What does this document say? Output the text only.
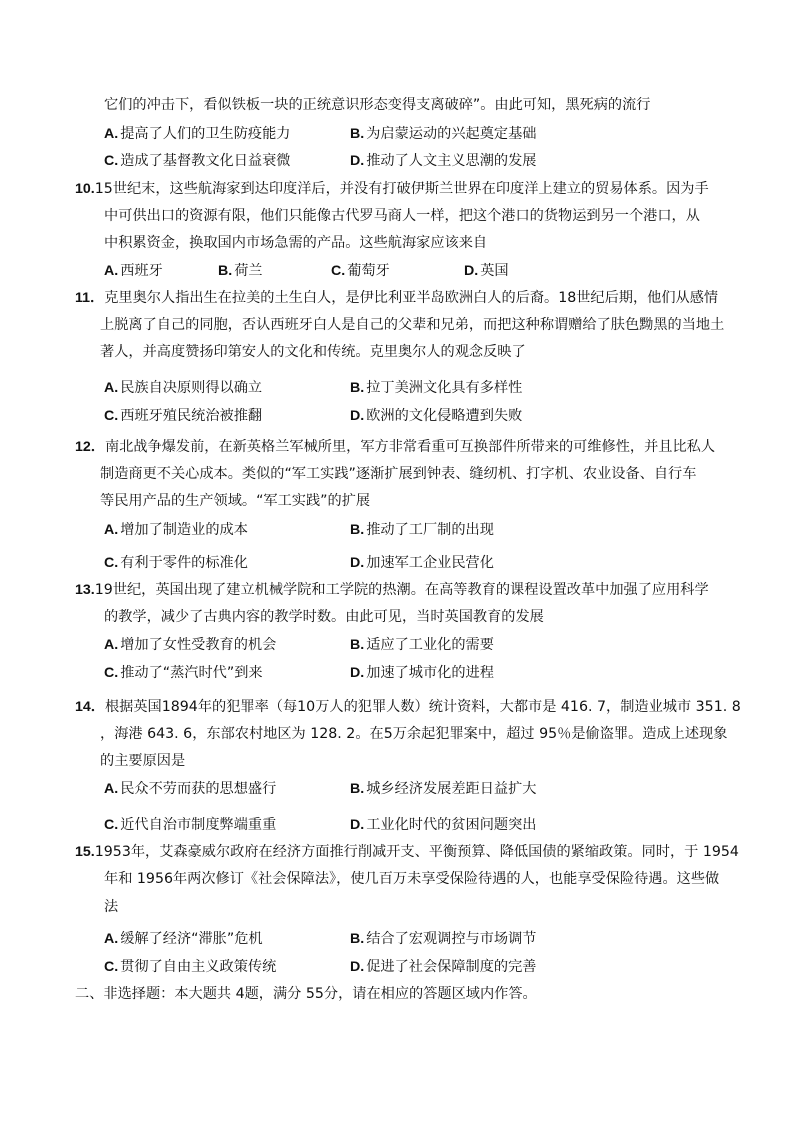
它们的冲击下，看似铁板一块的正统意识形态变得支离破碎”。由此可知，黑死病的流行
A. 提高了人们的卫生防疫能力	B. 为启蒙运动的兴起奠定基础
C. 造成了基督教文化日益衰微	D. 推动了人文主义思潮的发展
10.15世纪末，这些航海家到达印度洋后，并没有打破伊斯兰世界在印度洋上建立的贸易体系。因为手
中可供出口的资源有限，他们只能像古代罗马商人一样，把这个港口的货物运到另一个港口，从
中积累资金，换取国内市场急需的产品。这些航海家应该来自
A. 西班牙	B. 荷兰	C. 葡萄牙	D. 英国
11．克里奥尔人指出生在拉美的土生白人，是伊比利亚半岛欧洲白人的后裔。18世纪后期，他们从感情
上脱离了自己的同胞，否认西班牙白人是自己的父辈和兄弟，而把这种称谓赠给了肤色黝黑的当地土
著人，并高度赞扬印第安人的文化和传统。克里奥尔人的观念反映了
A. 民族自决原则得以确立	B. 拉丁美洲文化具有多样性
C. 西班牙殖民统治被推翻	D. 欧洲的文化侵略遭到失败
12．南北战争爆发前，在新英格兰军械所里，军方非常看重可互换部件所带来的可维修性，并且比私人
制造商更不关心成本。类似的“军工实践”逐渐扩展到钟表、缝纫机、打字机、农业设备、自行车
等民用产品的生产领域。“军工实践”的扩展
A. 增加了制造业的成本	B. 推动了工厂制的出现
C. 有利于零件的标准化	D. 加速军工企业民营化
13.19世纪，英国出现了建立机械学院和工学院的热潮。在高等教育的课程设置改革中加强了应用科学
的教学，减少了古典内容的教学时数。由此可见，当时英国教育的发展
A. 增加了女性受教育的机会	B. 适应了工业化的需要
C. 推动了“蒸汽时代”到来	D. 加速了城市化的进程
14．根据英国1894年的犯罪率（每10万人的犯罪人数）统计资料，大都市是 416. 7，制造业城市 351. 8
，海港 643. 6，东部农村地区为 128. 2。在5万余起犯罪案中，超过 95％是偷盗罪。造成上述现象
的主要原因是
A. 民众不劳而获的思想盛行	B. 城乡经济发展差距日益扩大
C. 近代自治市制度弊端重重	D. 工业化时代的贫困问题突出
15.1953年，艾森豪威尔政府在经济方面推行削减开支、平衡预算、降低国债的紧缩政策。同时，于 1954
年和 1956年两次修订《社会保障法》，使几百万未享受保险待遇的人，也能享受保险待遇。这些做
法
A. 缓解了经济“滞胀”危机	B. 结合了宏观调控与市场调节
C. 贯彻了自由主义政策传统	D. 促进了社会保障制度的完善
二、非选择题：本大题共 4题，满分 55分，请在相应的答题区域内作答。
